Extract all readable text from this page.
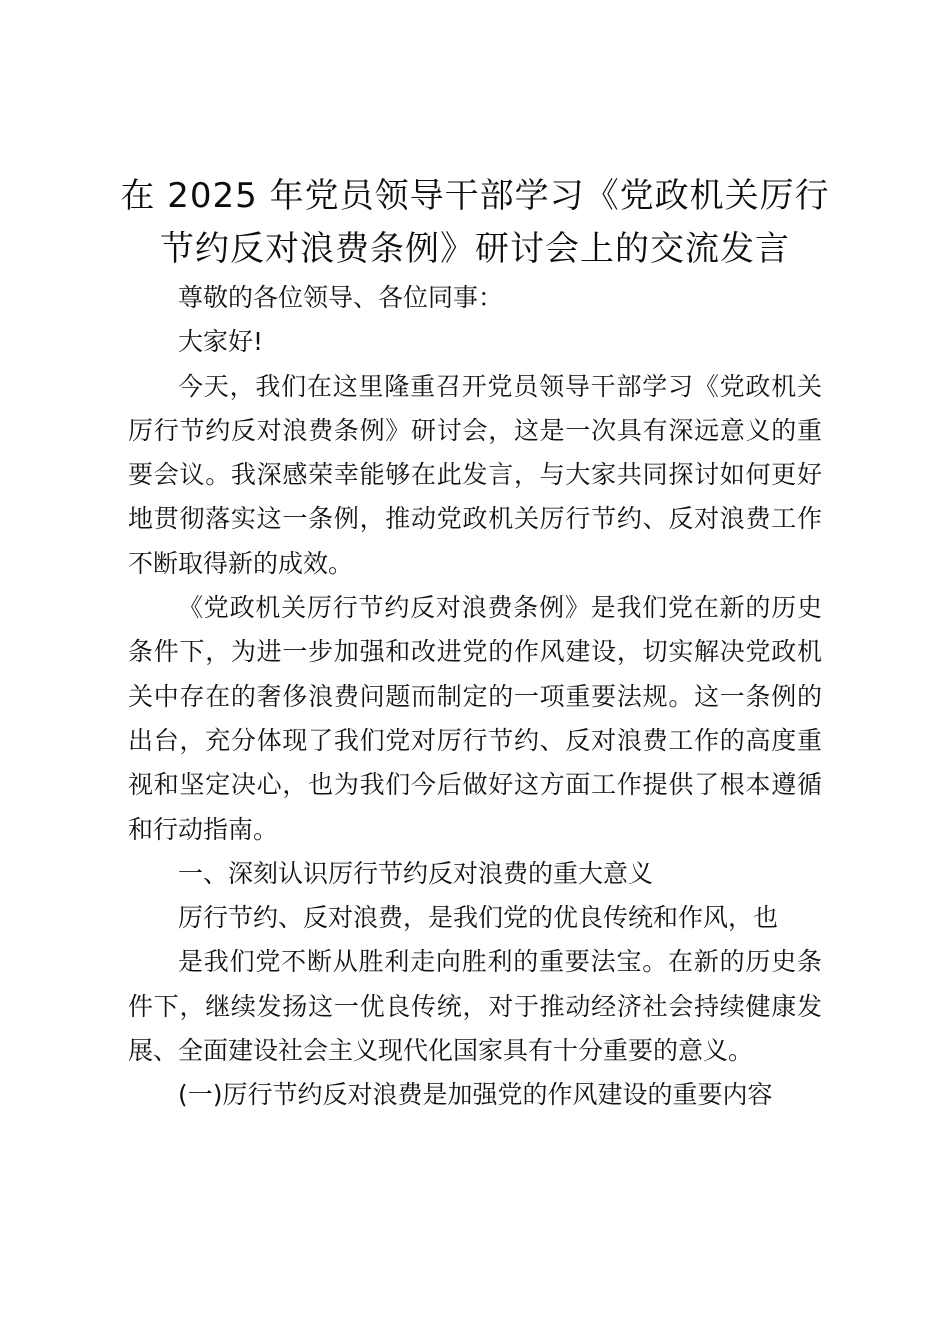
在 2025 年党员领导干部学习《党政机关厉行
节约反对浪费条例》研讨会上的交流发言

尊敬的各位领导、各位同事：

大家好!

今天，我们在这里隆重召开党员领导干部学习《党政机关厉行节约反对浪费条例》研讨会，这是一次具有深远意义的重要会议。我深感荣幸能够在此发言，与大家共同探讨如何更好地贯彻落实这一条例，推动党政机关厉行节约、反对浪费工作不断取得新的成效。

《党政机关厉行节约反对浪费条例》是我们党在新的历史条件下，为进一步加强和改进党的作风建设，切实解决党政机关中存在的奢侈浪费问题而制定的一项重要法规。这一条例的出台，充分体现了我们党对厉行节约、反对浪费工作的高度重视和坚定决心，也为我们今后做好这方面工作提供了根本遵循和行动指南。

一、深刻认识厉行节约反对浪费的重大意义

厉行节约、反对浪费，是我们党的优良传统和作风，也

是我们党不断从胜利走向胜利的重要法宝。在新的历史条件下，继续发扬这一优良传统，对于推动经济社会持续健康发展、全面建设社会主义现代化国家具有十分重要的意义。

(一)厉行节约反对浪费是加强党的作风建设的重要内容
